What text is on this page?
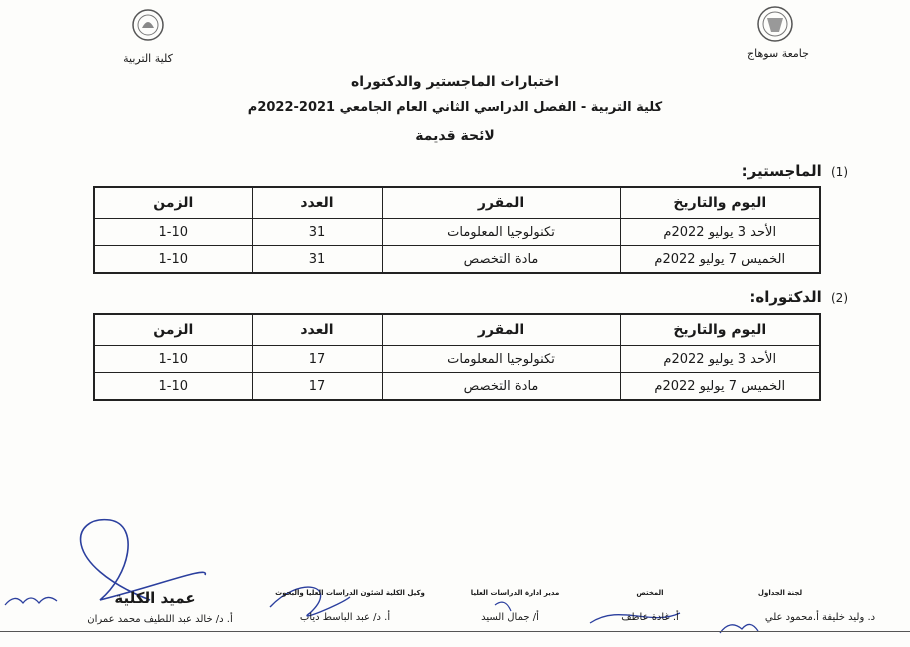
كلية التربية	جامعة سوهاج
اختبارات الماجستير والدكتوراه
كلية التربية - الفصل الدراسي الثاني العام الجامعي 2021-2022م
لائحة قديمة
(1) الماجستير:
اليوم والتاريخ	المقرر	العدد	الزمن
الأحد 3 يوليو 2022م	تكنولوجيا المعلومات	31	1-10
الخميس 7 يوليو 2022م	مادة التخصص	31	1-10
(2) الدكتوراه:
اليوم والتاريخ	المقرر	العدد	الزمن
الأحد 3 يوليو 2022م	تكنولوجيا المعلومات	17	1-10
الخميس 7 يوليو 2022م	مادة التخصص	17	1-10
لجنة الجداول
د. وليد خليفة أ.محمود علي
المختص
أ. غادة عاطف
مدير ادارة الدراسات العليا
أ/ جمال السيد
وكيل الكلية لشئون الدراسات العليا والبحوث
أ. د/ عبد الباسط دياب
عميد الكلية
أ. د/ خالد عبد اللطيف محمد عمران
